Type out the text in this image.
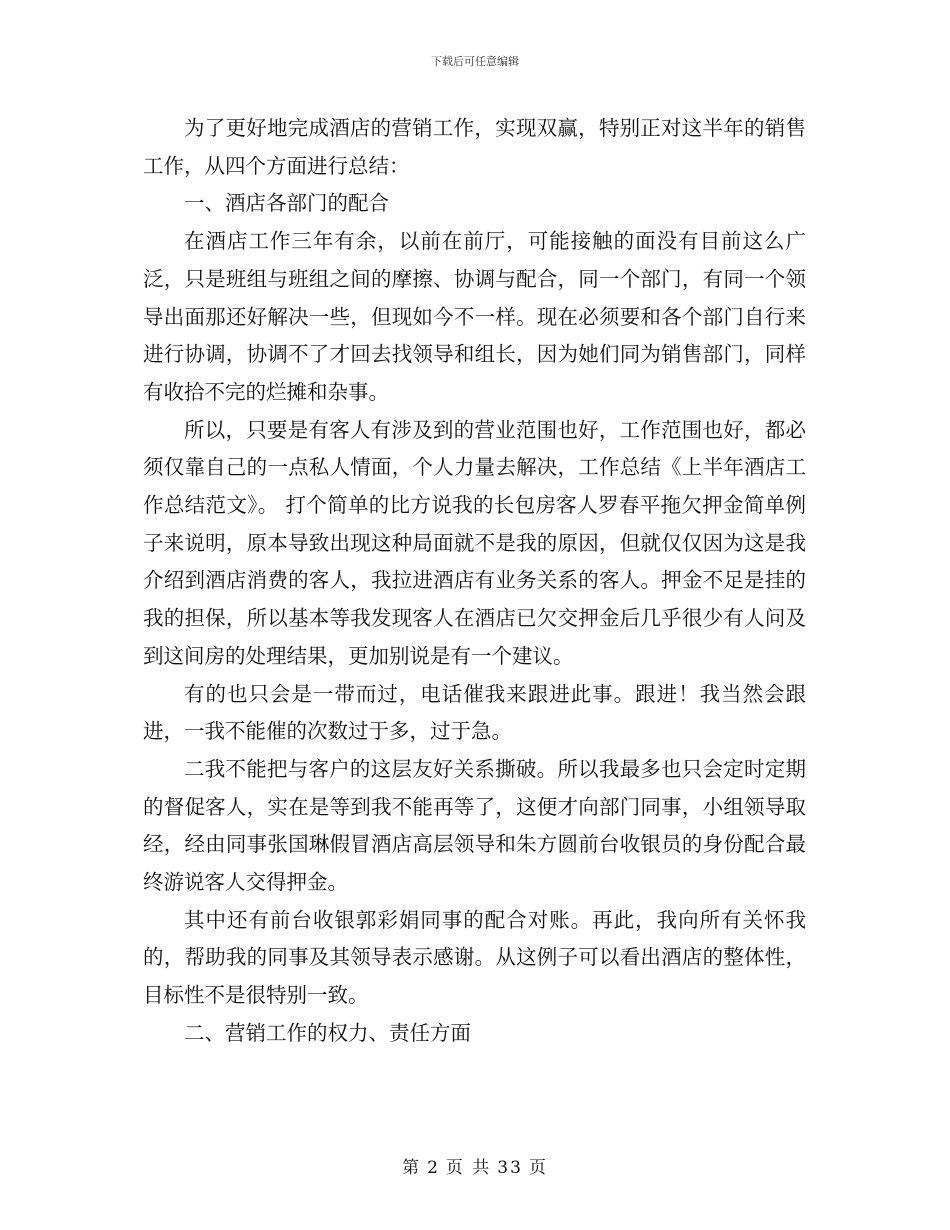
下载后可任意编辑

为了更好地完成酒店的营销工作，实现双赢，特别正对这半年的销售工作，从四个方面进行总结：

一、酒店各部门的配合

在酒店工作三年有余，以前在前厅，可能接触的面没有目前这么广泛，只是班组与班组之间的摩擦、协调与配合，同一个部门，有同一个领导出面那还好解决一些，但现如今不一样。现在必须要和各个部门自行来进行协调，协调不了才回去找领导和组长，因为她们同为销售部门，同样有收拾不完的烂摊和杂事。

所以，只要是有客人有涉及到的营业范围也好，工作范围也好，都必须仅靠自己的一点私人情面，个人力量去解决，工作总结《上半年酒店工作总结范文》。 打个简单的比方说我的长包房客人罗春平拖欠押金简单例子来说明，原本导致出现这种局面就不是我的原因，但就仅仅因为这是我介绍到酒店消费的客人，我拉进酒店有业务关系的客人。押金不足是挂的我的担保，所以基本等我发现客人在酒店已欠交押金后几乎很少有人问及到这间房的处理结果，更加别说是有一个建议。

有的也只会是一带而过，电话催我来跟进此事。跟进！我当然会跟进，一我不能催的次数过于多，过于急。

二我不能把与客户的这层友好关系撕破。所以我最多也只会定时定期的督促客人，实在是等到我不能再等了，这便才向部门同事，小组领导取经，经由同事张国琳假冒酒店高层领导和朱方圆前台收银员的身份配合最终游说客人交得押金。

其中还有前台收银郭彩娟同事的配合对账。再此，我向所有关怀我的，帮助我的同事及其领导表示感谢。从这例子可以看出酒店的整体性，目标性不是很特别一致。

二、营销工作的权力、责任方面

第 2 页 共 33 页
